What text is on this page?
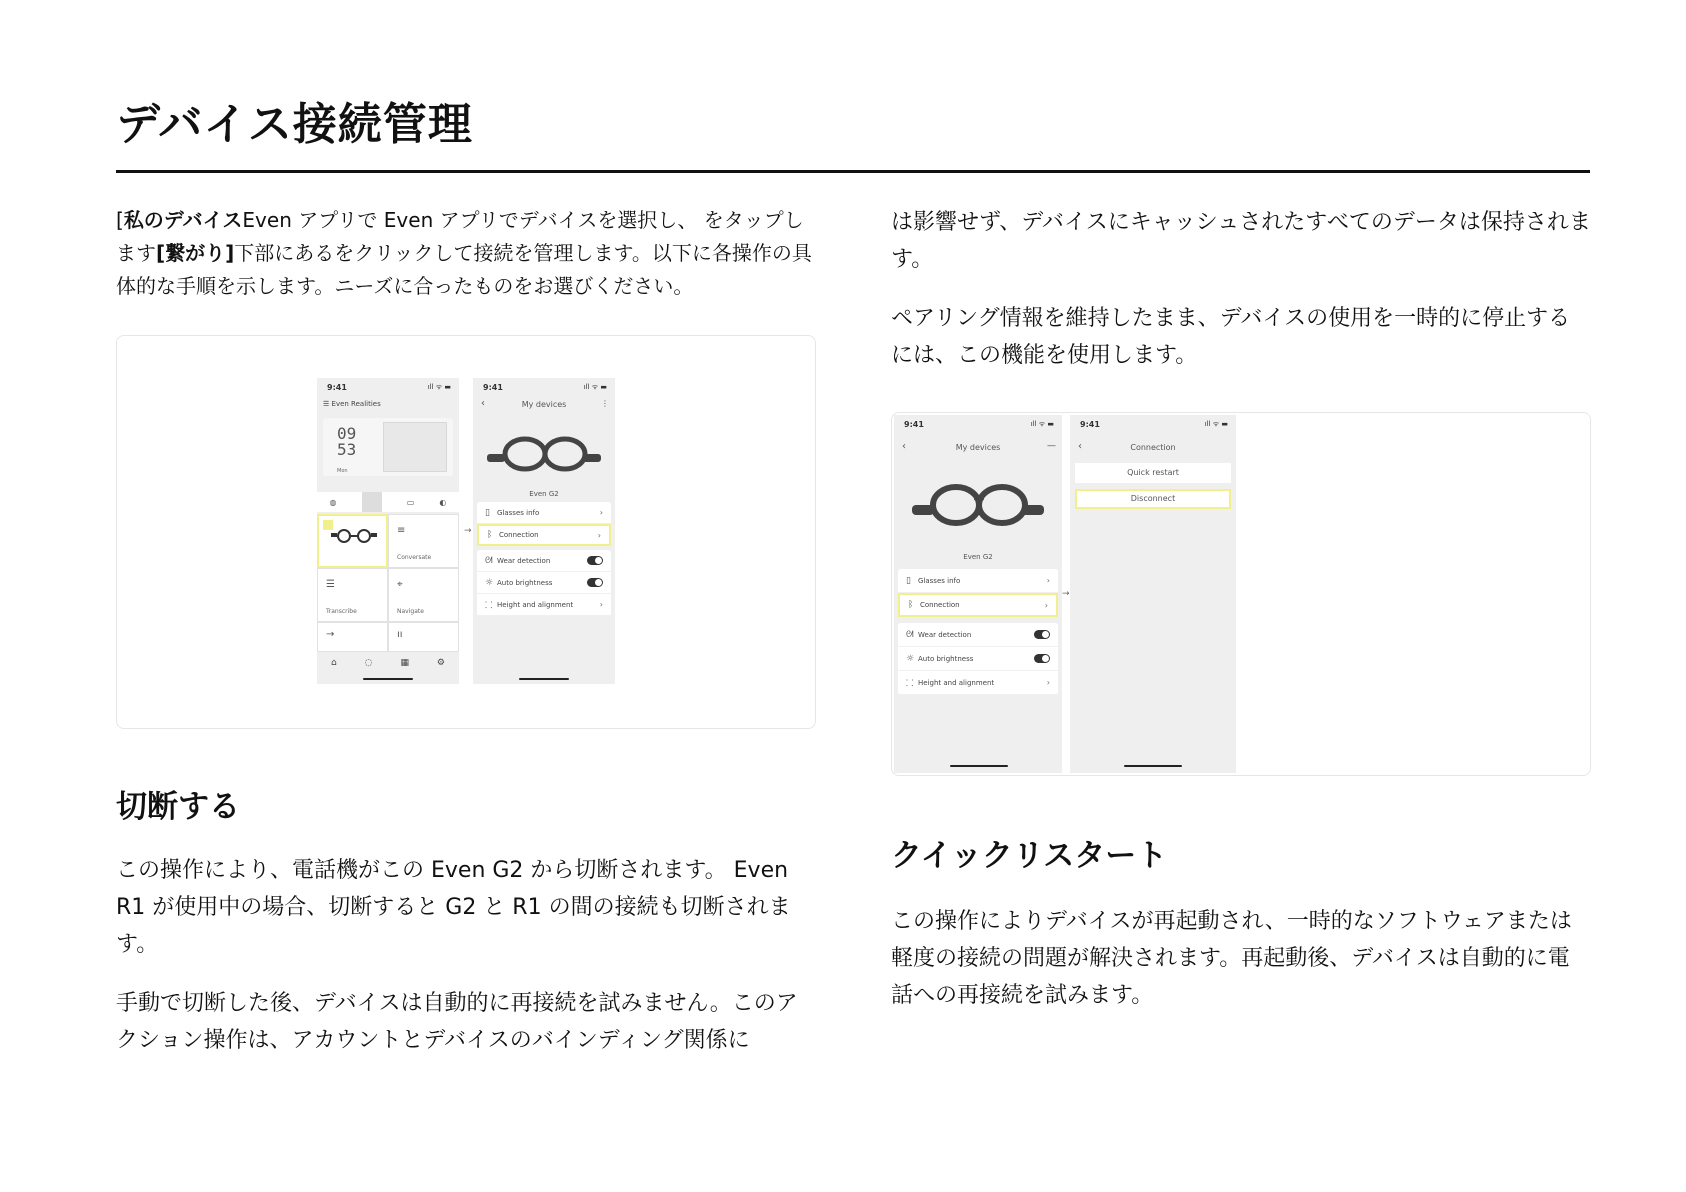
デバイス接続管理

[私のデバイスEven アプリで Even アプリでデバイスを選択し、 をタップします[繋がり]下部にあるをクリックして接続を管理します。以下に各操作の具体的な手順を示します。ニーズに合ったものをお選びください。

9:41	ıll ᯤ ▬
☰ Even Realities
09
53
Mon
◍	▭	◐
≡
Conversate
☰
Transcribe
⌖
Navigate
→	ıı
⌂	◌	▦	⚙
→
9:41	ıll ᯤ ▬
‹	My devices	⋮
Even G2
▯	Glasses info	›
ᛒ Connection	›
ᘛ Wear detection
☼ Auto brightness
⸬ Height and alignment	›
切断する

この操作により、電話機がこの Even G2 から切断されます。 Even R1 が使用中の場合、切断すると G2 と R1 の間の接続も切断されます。

手動で切断した後、デバイスは自動的に再接続を試みません。このアクション操作は、アカウントとデバイスのバインディング関係に

は影響せず、デバイスにキャッシュされたすべてのデータは保持されます。

ペアリング情報を維持したまま、デバイスの使用を一時的に停止するには、この機能を使用します。

9:41	ıll ᯤ ▬
‹	My devices	—
Even G2
▯	Glasses info	›
ᛒ Connection	›
ᘛ Wear detection
☼ Auto brightness
⸬ Height and alignment	›
→
9:41	ıll ᯤ ▬
‹	Connection
Quick restart
Disconnect
クイックリスタート

この操作によりデバイスが再起動され、一時的なソフトウェアまたは軽度の接続の問題が解決されます。再起動後、デバイスは自動的に電話への再接続を試みます。
